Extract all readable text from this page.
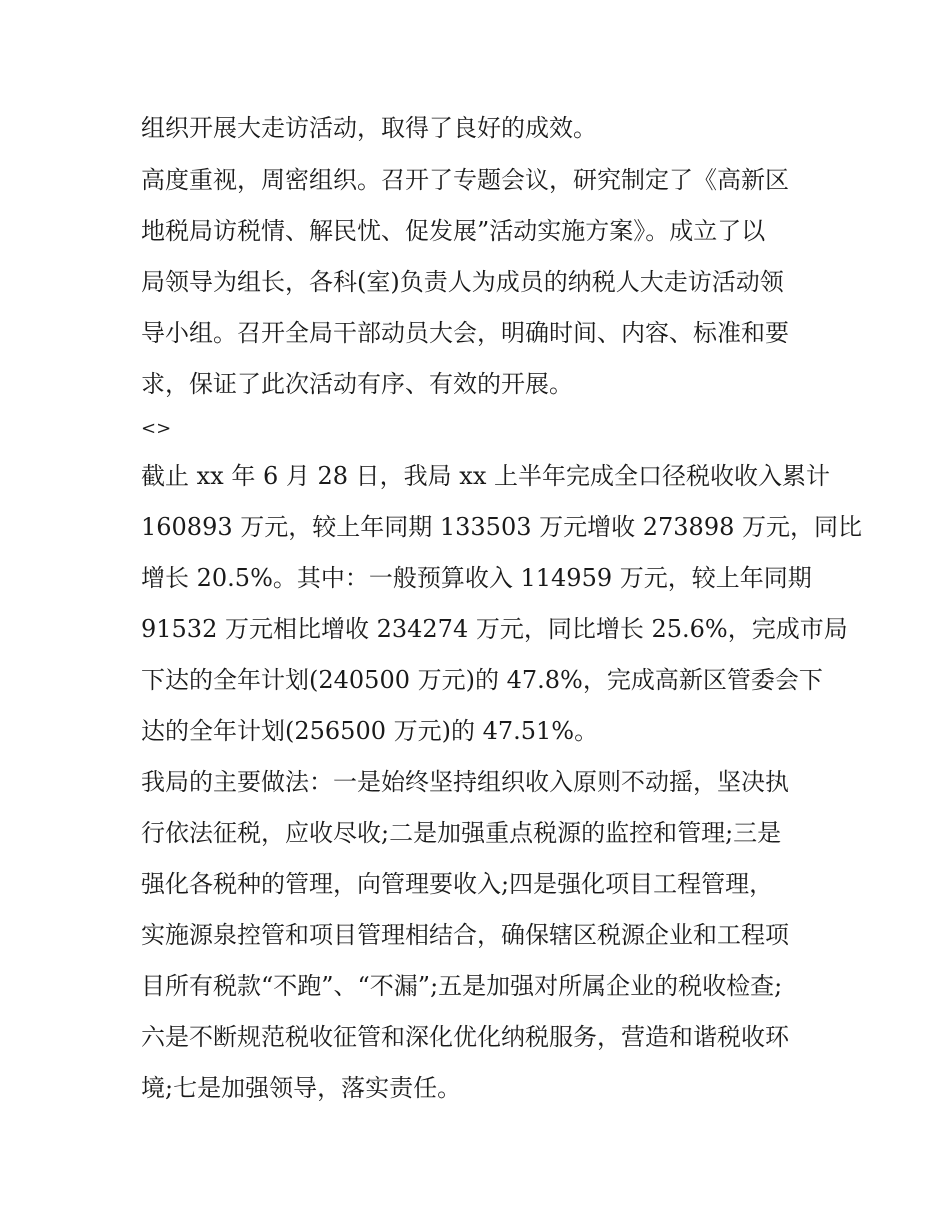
组织开展大走访活动，取得了良好的成效。
高度重视，周密组织。召开了专题会议，研究制定了《高新区
地税局访税情、解民忧、促发展”活动实施方案》。成立了以
局领导为组长，各科(室)负责人为成员的纳税人大走访活动领
导小组。召开全局干部动员大会，明确时间、内容、标准和要
求，保证了此次活动有序、有效的开展。
<>
截止 xx 年 6 月 28 日，我局 xx 上半年完成全口径税收收入累计
160893 万元，较上年同期 133503 万元增收 273898 万元，同比
增长 20.5%。其中：一般预算收入 114959 万元，较上年同期
91532 万元相比增收 234274 万元，同比增长 25.6%，完成市局
下达的全年计划(240500 万元)的 47.8%，完成高新区管委会下
达的全年计划(256500 万元)的 47.51%。
我局的主要做法：一是始终坚持组织收入原则不动摇，坚决执
行依法征税，应收尽收;二是加强重点税源的监控和管理;三是
强化各税种的管理，向管理要收入;四是强化项目工程管理，
实施源泉控管和项目管理相结合，确保辖区税源企业和工程项
目所有税款“不跑”、“不漏”;五是加强对所属企业的税收检查;
六是不断规范税收征管和深化优化纳税服务，营造和谐税收环
境;七是加强领导，落实责任。
